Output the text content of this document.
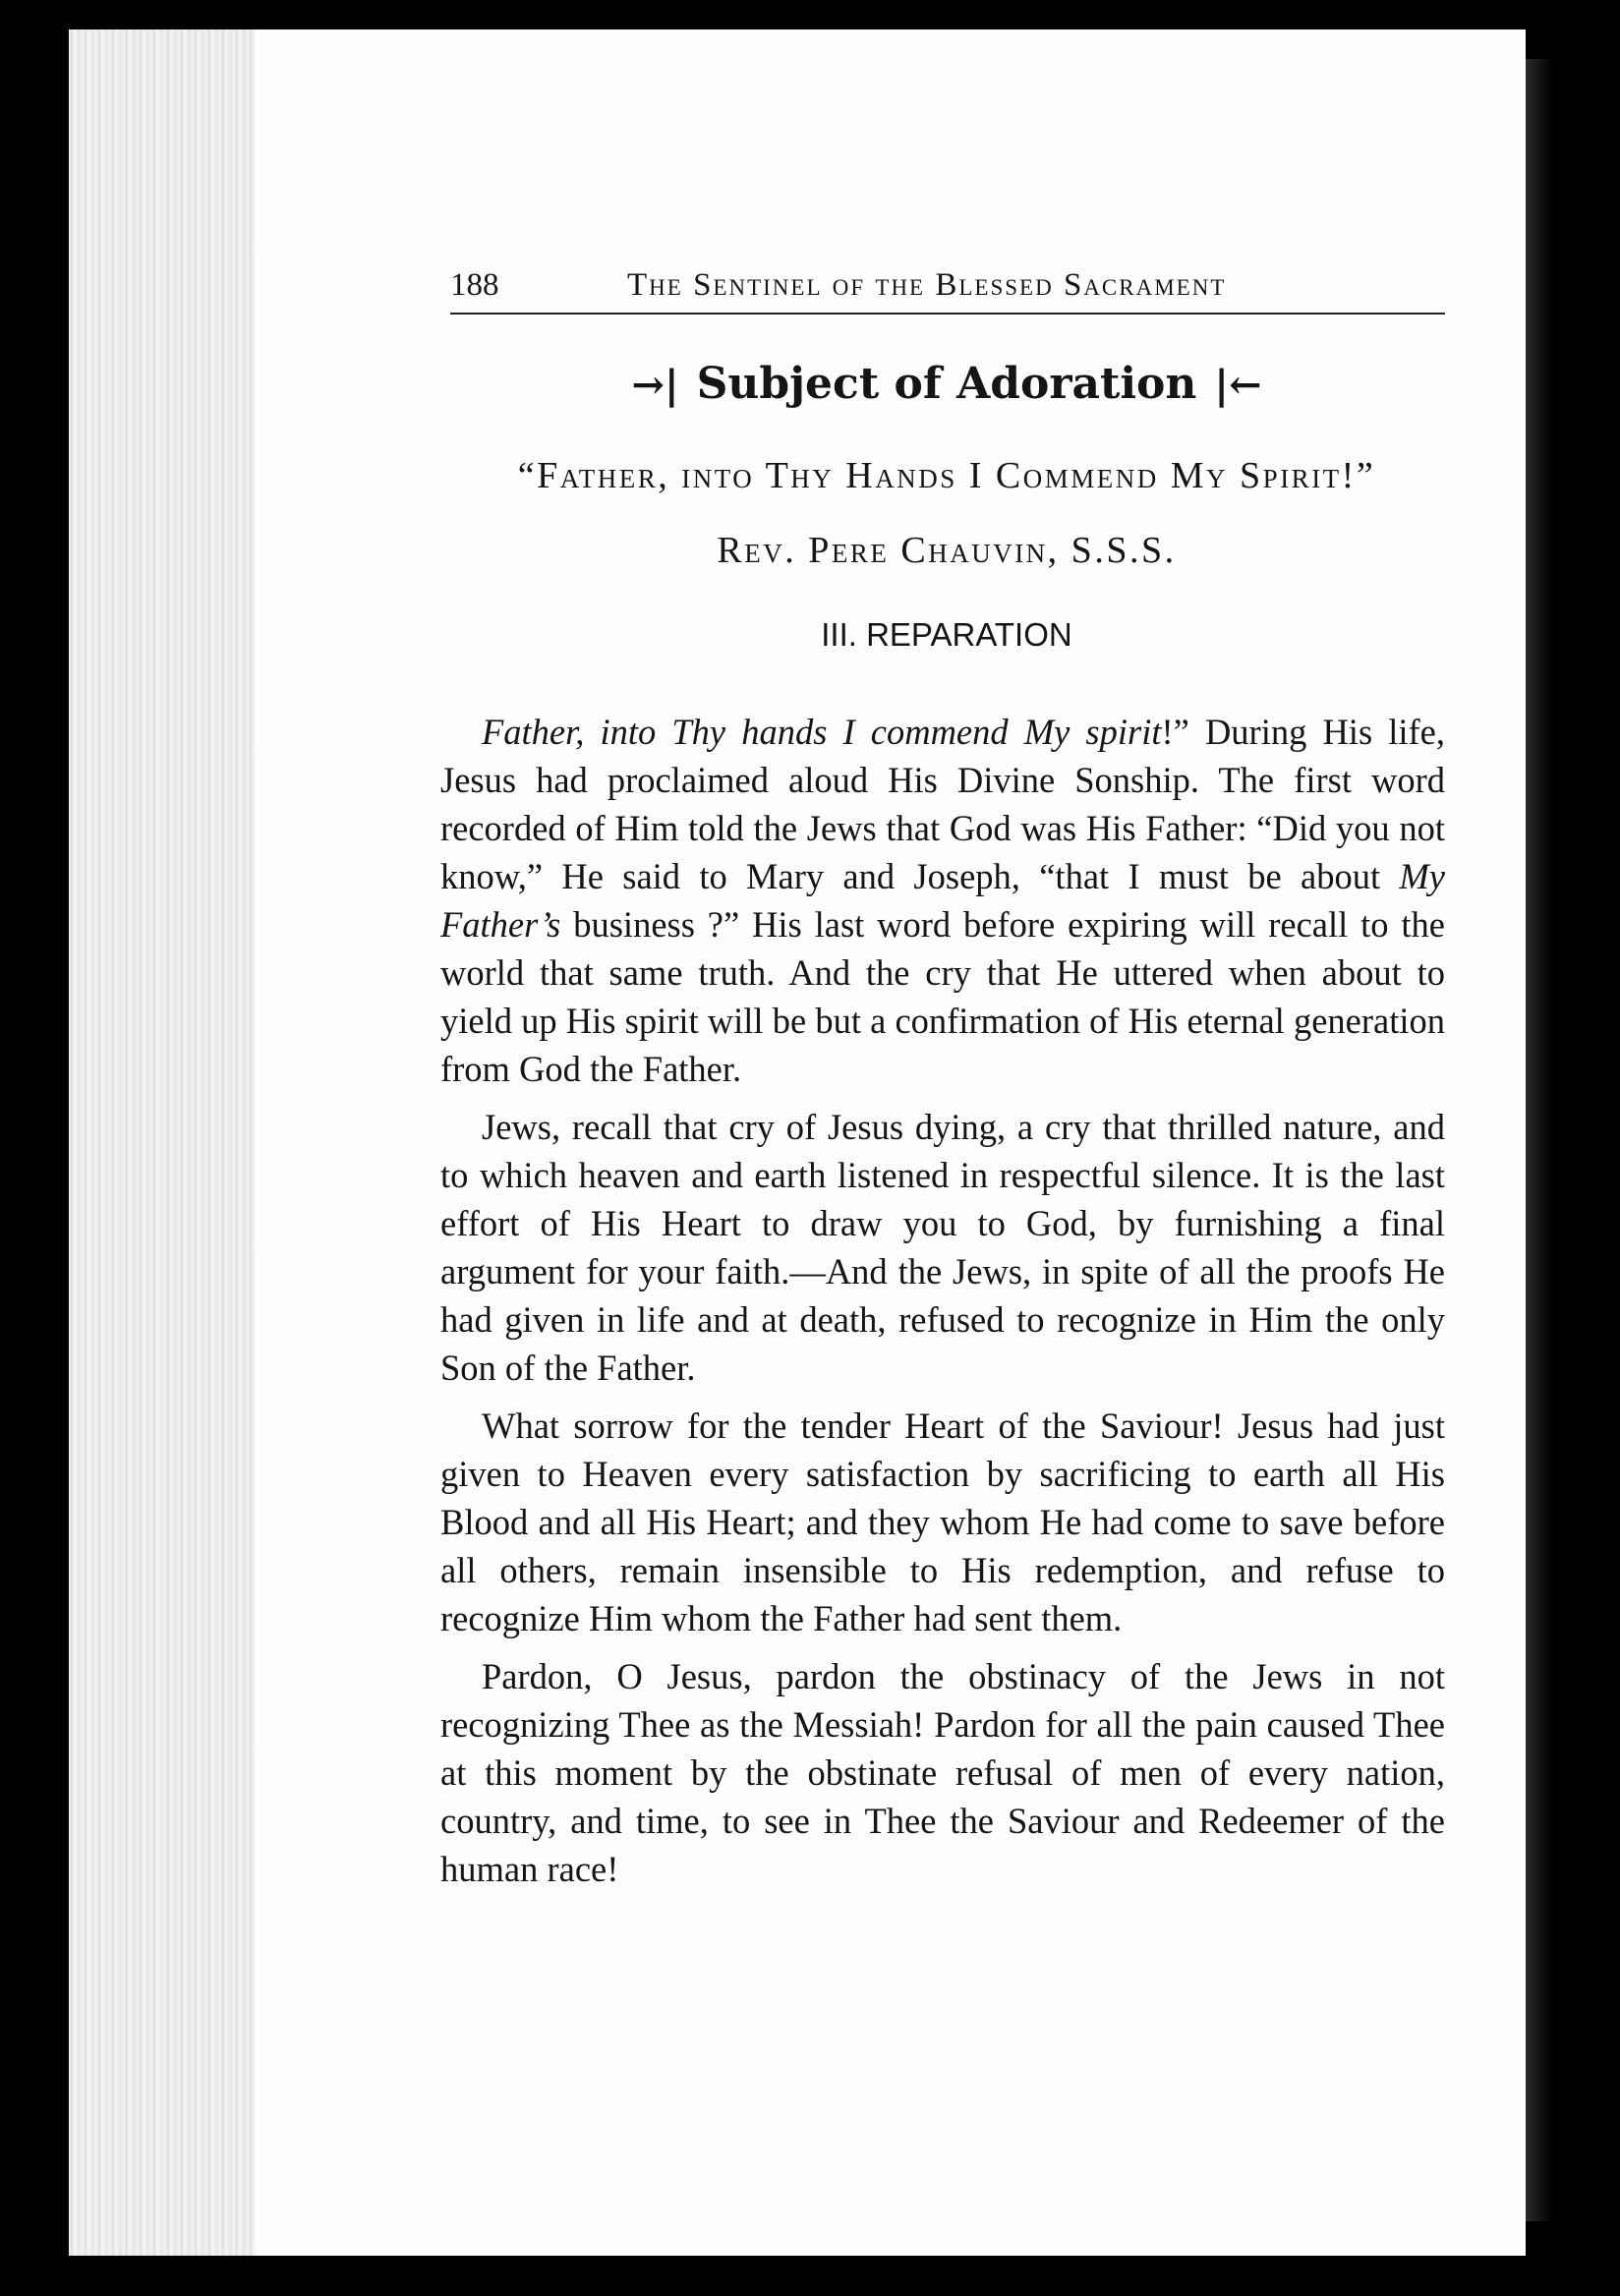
188	The Sentinel of the Blessed Sacrament
→| Subject of Adoration |←
“Father, into Thy Hands I Commend My Spirit!”
Rev. Pere Chauvin, S.S.S.
III. REPARATION

Father, into Thy hands I commend My spirit!” During His life, Jesus had proclaimed aloud His Divine Sonship. The first word recorded of Him told the Jews that God was His Father: “Did you not know,” He said to Mary and Joseph, “that I must be about My Father’s business ?” His last word before expiring will recall to the world that same truth. And the cry that He uttered when about to yield up His spirit will be but a confirmation of His eternal generation from God the Father.

Jews, recall that cry of Jesus dying, a cry that thrilled nature, and to which heaven and earth listened in respectful silence. It is the last effort of His Heart to draw you to God, by furnishing a final argument for your faith.—And the Jews, in spite of all the proofs He had given in life and at death, refused to recognize in Him the only Son of the Father.

What sorrow for the tender Heart of the Saviour! Jesus had just given to Heaven every satisfaction by sacrificing to earth all His Blood and all His Heart; and they whom He had come to save before all others, remain insensible to His redemption, and refuse to recognize Him whom the Father had sent them.

Pardon, O Jesus, pardon the obstinacy of the Jews in not recognizing Thee as the Messiah! Pardon for all the pain caused Thee at this moment by the obstinate refusal of men of every nation, country, and time, to see in Thee the Saviour and Redeemer of the human race!
